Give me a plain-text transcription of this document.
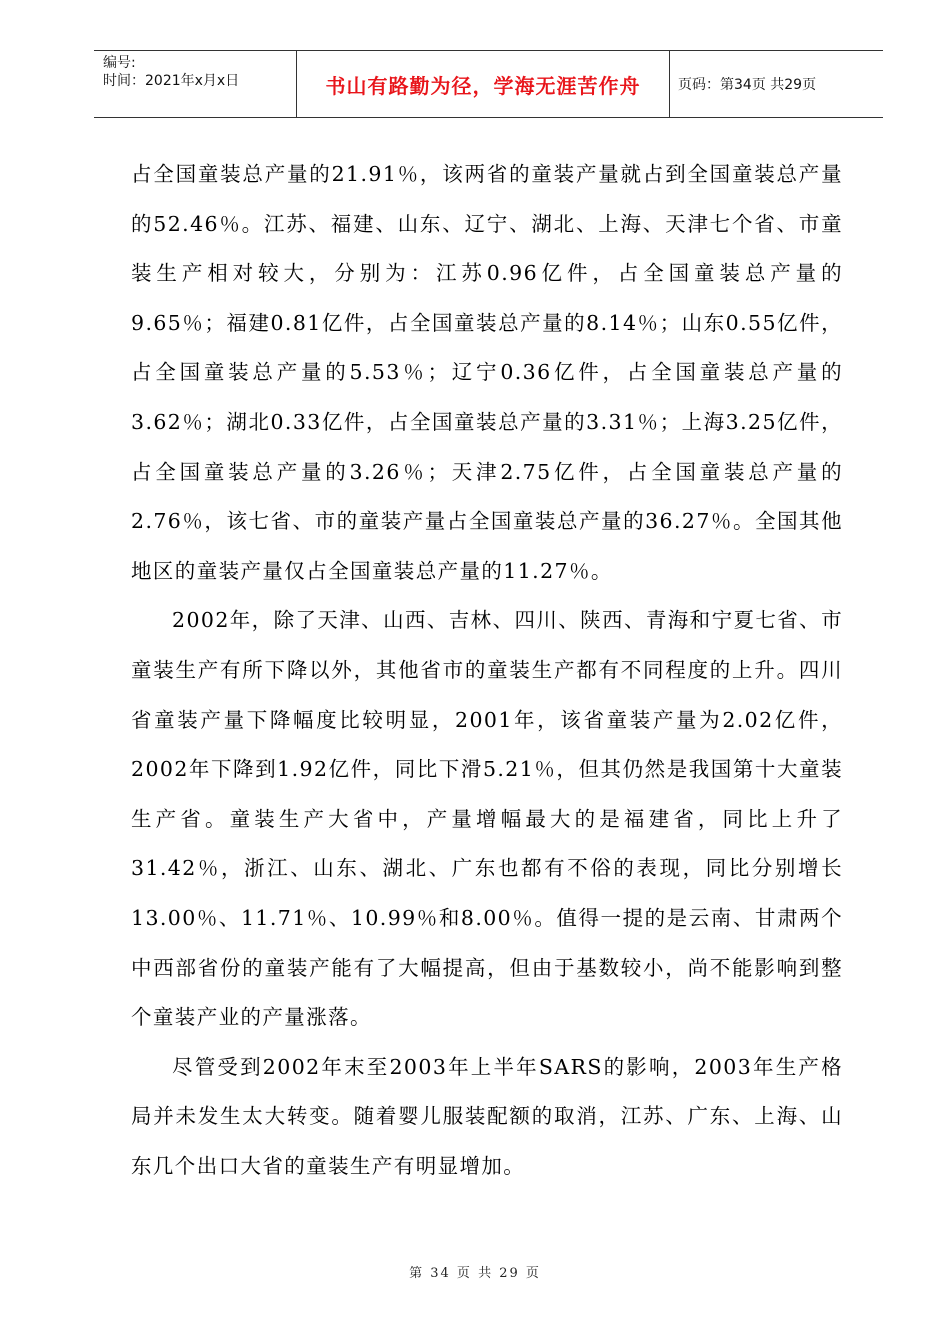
编号:
时间：2021年x月x日	书山有路勤为径，学海无涯苦作舟	页码：第34页 共29页

占全国童装总产量的21.91％，该两省的童装产量就占到全国童装总产量的52.46％。江苏、福建、山东、辽宁、湖北、上海、天津七个省、市童装生产相对较大，分别为：江苏0.96亿件，占全国童装总产量的9.65％；福建0.81亿件，占全国童装总产量的8.14％；山东0.55亿件，占全国童装总产量的5.53％；辽宁0.36亿件，占全国童装总产量的3.62％；湖北0.33亿件，占全国童装总产量的3.31％；上海3.25亿件，占全国童装总产量的3.26％；天津2.75亿件，占全国童装总产量的2.76％，该七省、市的童装产量占全国童装总产量的36.27％。全国其他地区的童装产量仅占全国童装总产量的11.27％。

2002年，除了天津、山西、吉林、四川、陕西、青海和宁夏七省、市童装生产有所下降以外，其他省市的童装生产都有不同程度的上升。四川省童装产量下降幅度比较明显，2001年，该省童装产量为2.02亿件，2002年下降到1.92亿件，同比下滑5.21％，但其仍然是我国第十大童装生产省。童装生产大省中，产量增幅最大的是福建省，同比上升了31.42％，浙江、山东、湖北、广东也都有不俗的表现，同比分别增长13.00％、11.71％、10.99％和8.00％。值得一提的是云南、甘肃两个中西部省份的童装产能有了大幅提高，但由于基数较小，尚不能影响到整个童装产业的产量涨落。

尽管受到2002年末至2003年上半年SARS的影响，2003年生产格局并未发生太大转变。随着婴儿服装配额的取消，江苏、广东、上海、山东几个出口大省的童装生产有明显增加。

第 34 页 共 29 页
